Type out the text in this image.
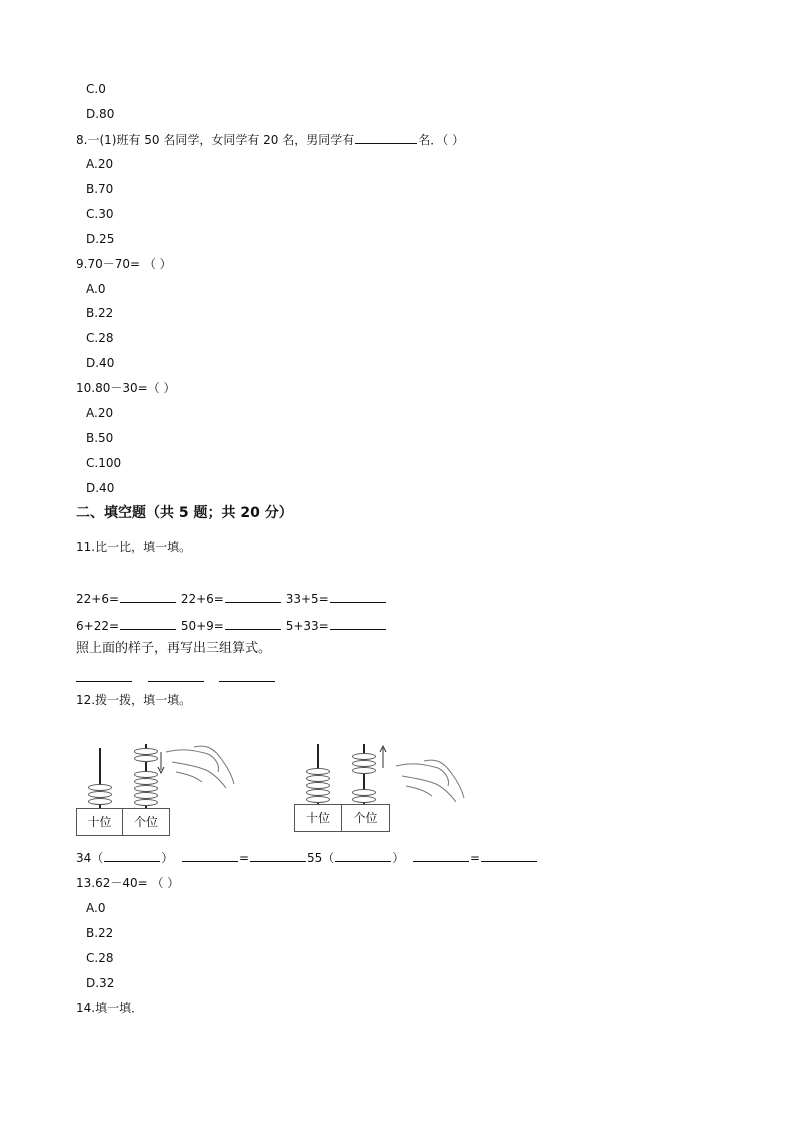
C.0
D.80
8.一(1)班有 50 名同学，女同学有 20 名，男同学有	名．（ ）
A.20
B.70
C.30
D.25
9.70－70= （ ）
A.0
B.22
C.28
D.40
10.80－30=（ ）
A.20
B.50
C.100
D.40
二、填空题（共 5 题；共 20 分）
11.比一比，填一填。
22+6=	22+6=	33+5=
6+22=	50+9=	5+33=
照上面的样子，再写出三组算式。
12.拨一拨，填一填。
十位	个位	十位	个位
34（	）	=	55（	）	=
13.62－40= （ ）
A.0
B.22
C.28
D.32
14.填一填．
